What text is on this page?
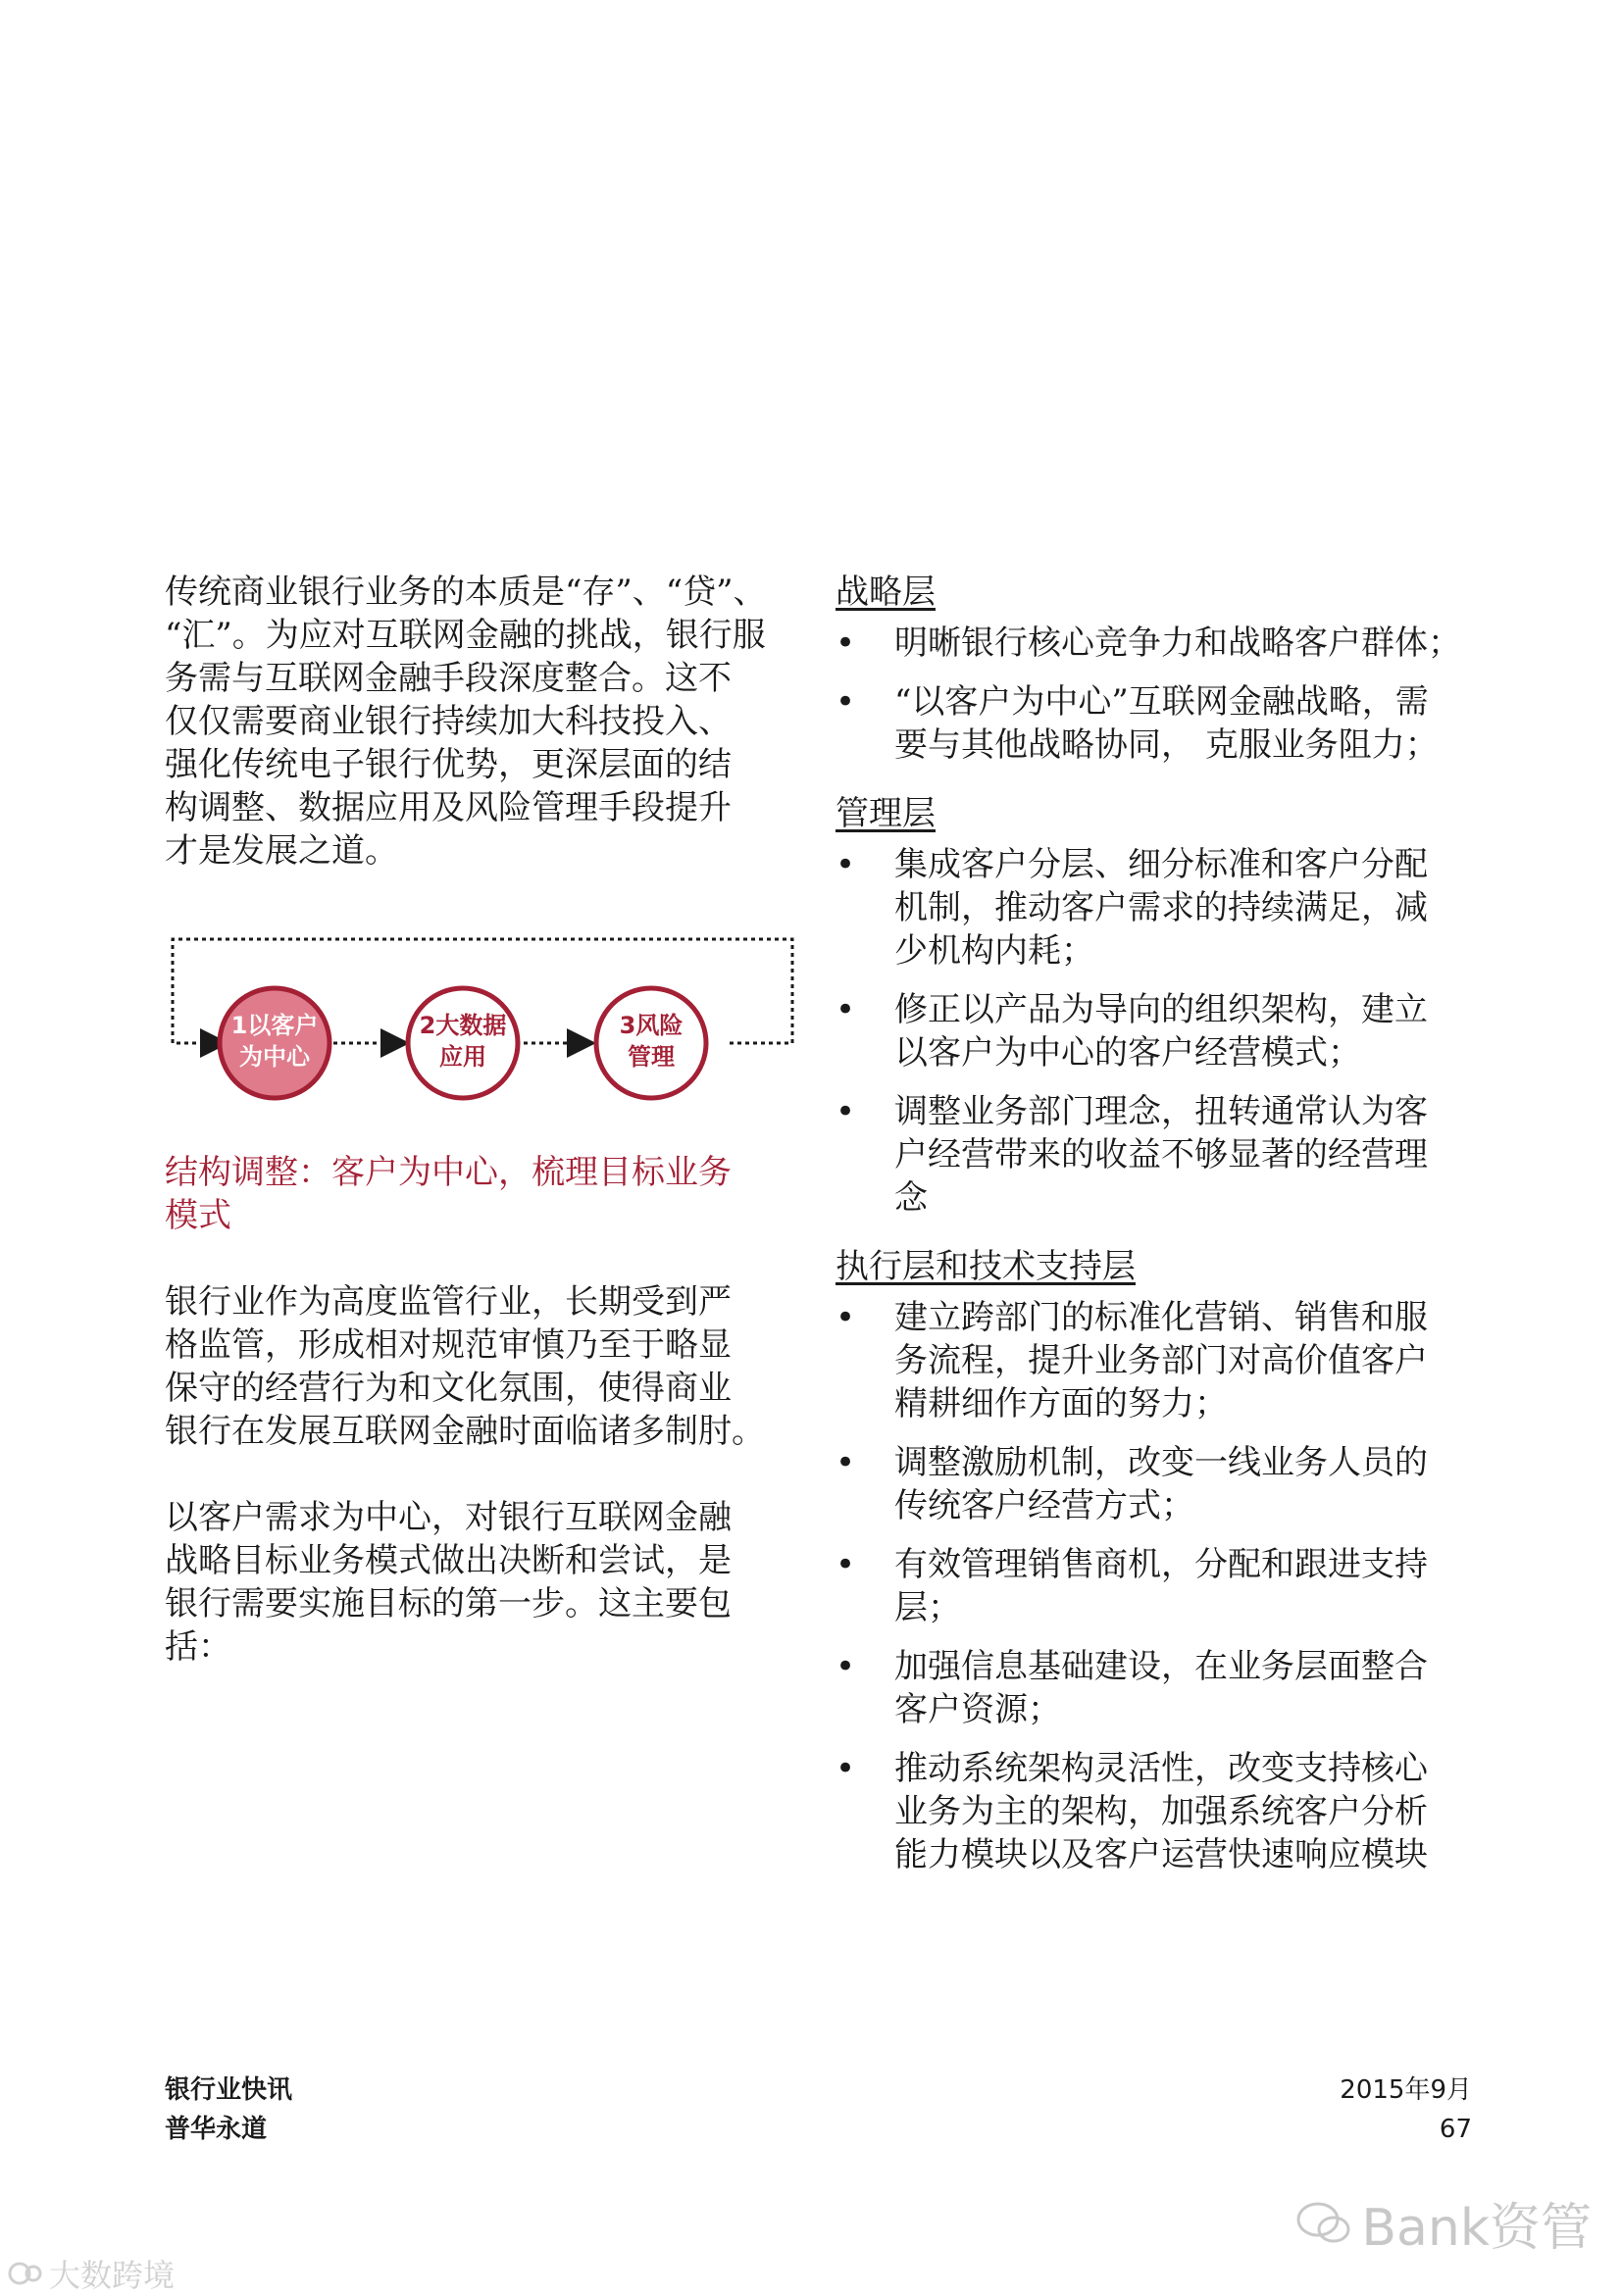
传统商业银行业务的本质是“存”、“贷”、
“汇”。为应对互联网金融的挑战，银行服
务需与互联网金融手段深度整合。这不
仅仅需要商业银行持续加大科技投入、
强化传统电子银行优势，更深层面的结
构调整、数据应用及风险管理手段提升
才是发展之道。

1以客户
为中心
2大数据
应用
3风险
管理

结构调整：客户为中心，梳理目标业务
模式

银行业作为高度监管行业，长期受到严
格监管，形成相对规范审慎乃至于略显
保守的经营行为和文化氛围，使得商业
银行在发展互联网金融时面临诸多制肘。

以客户需求为中心，对银行互联网金融
战略目标业务模式做出决断和尝试，是
银行需要实施目标的第一步。这主要包
括：

战略层

• 明晰银行核心竞争力和战略客户群体；
• “以客户为中心”互联网金融战略，需
要与其他战略协同， 克服业务阻力；

管理层

• 集成客户分层、细分标准和客户分配
机制，推动客户需求的持续满足，减
少机构内耗；
• 修正以产品为导向的组织架构，建立
以客户为中心的客户经营模式；
• 调整业务部门理念，扭转通常认为客
户经营带来的收益不够显著的经营理
念

执行层和技术支持层

• 建立跨部门的标准化营销、销售和服
务流程，提升业务部门对高价值客户
精耕细作方面的努力；
• 调整激励机制，改变一线业务人员的
传统客户经营方式；
• 有效管理销售商机，分配和跟进支持
层；
• 加强信息基础建设，在业务层面整合
客户资源；
• 推动系统架构灵活性，改变支持核心
业务为主的架构，加强系统客户分析
能力模块以及客户运营快速响应模块
银行业快讯
普华永道
2015年9月
67
Bank资管
大数跨境
